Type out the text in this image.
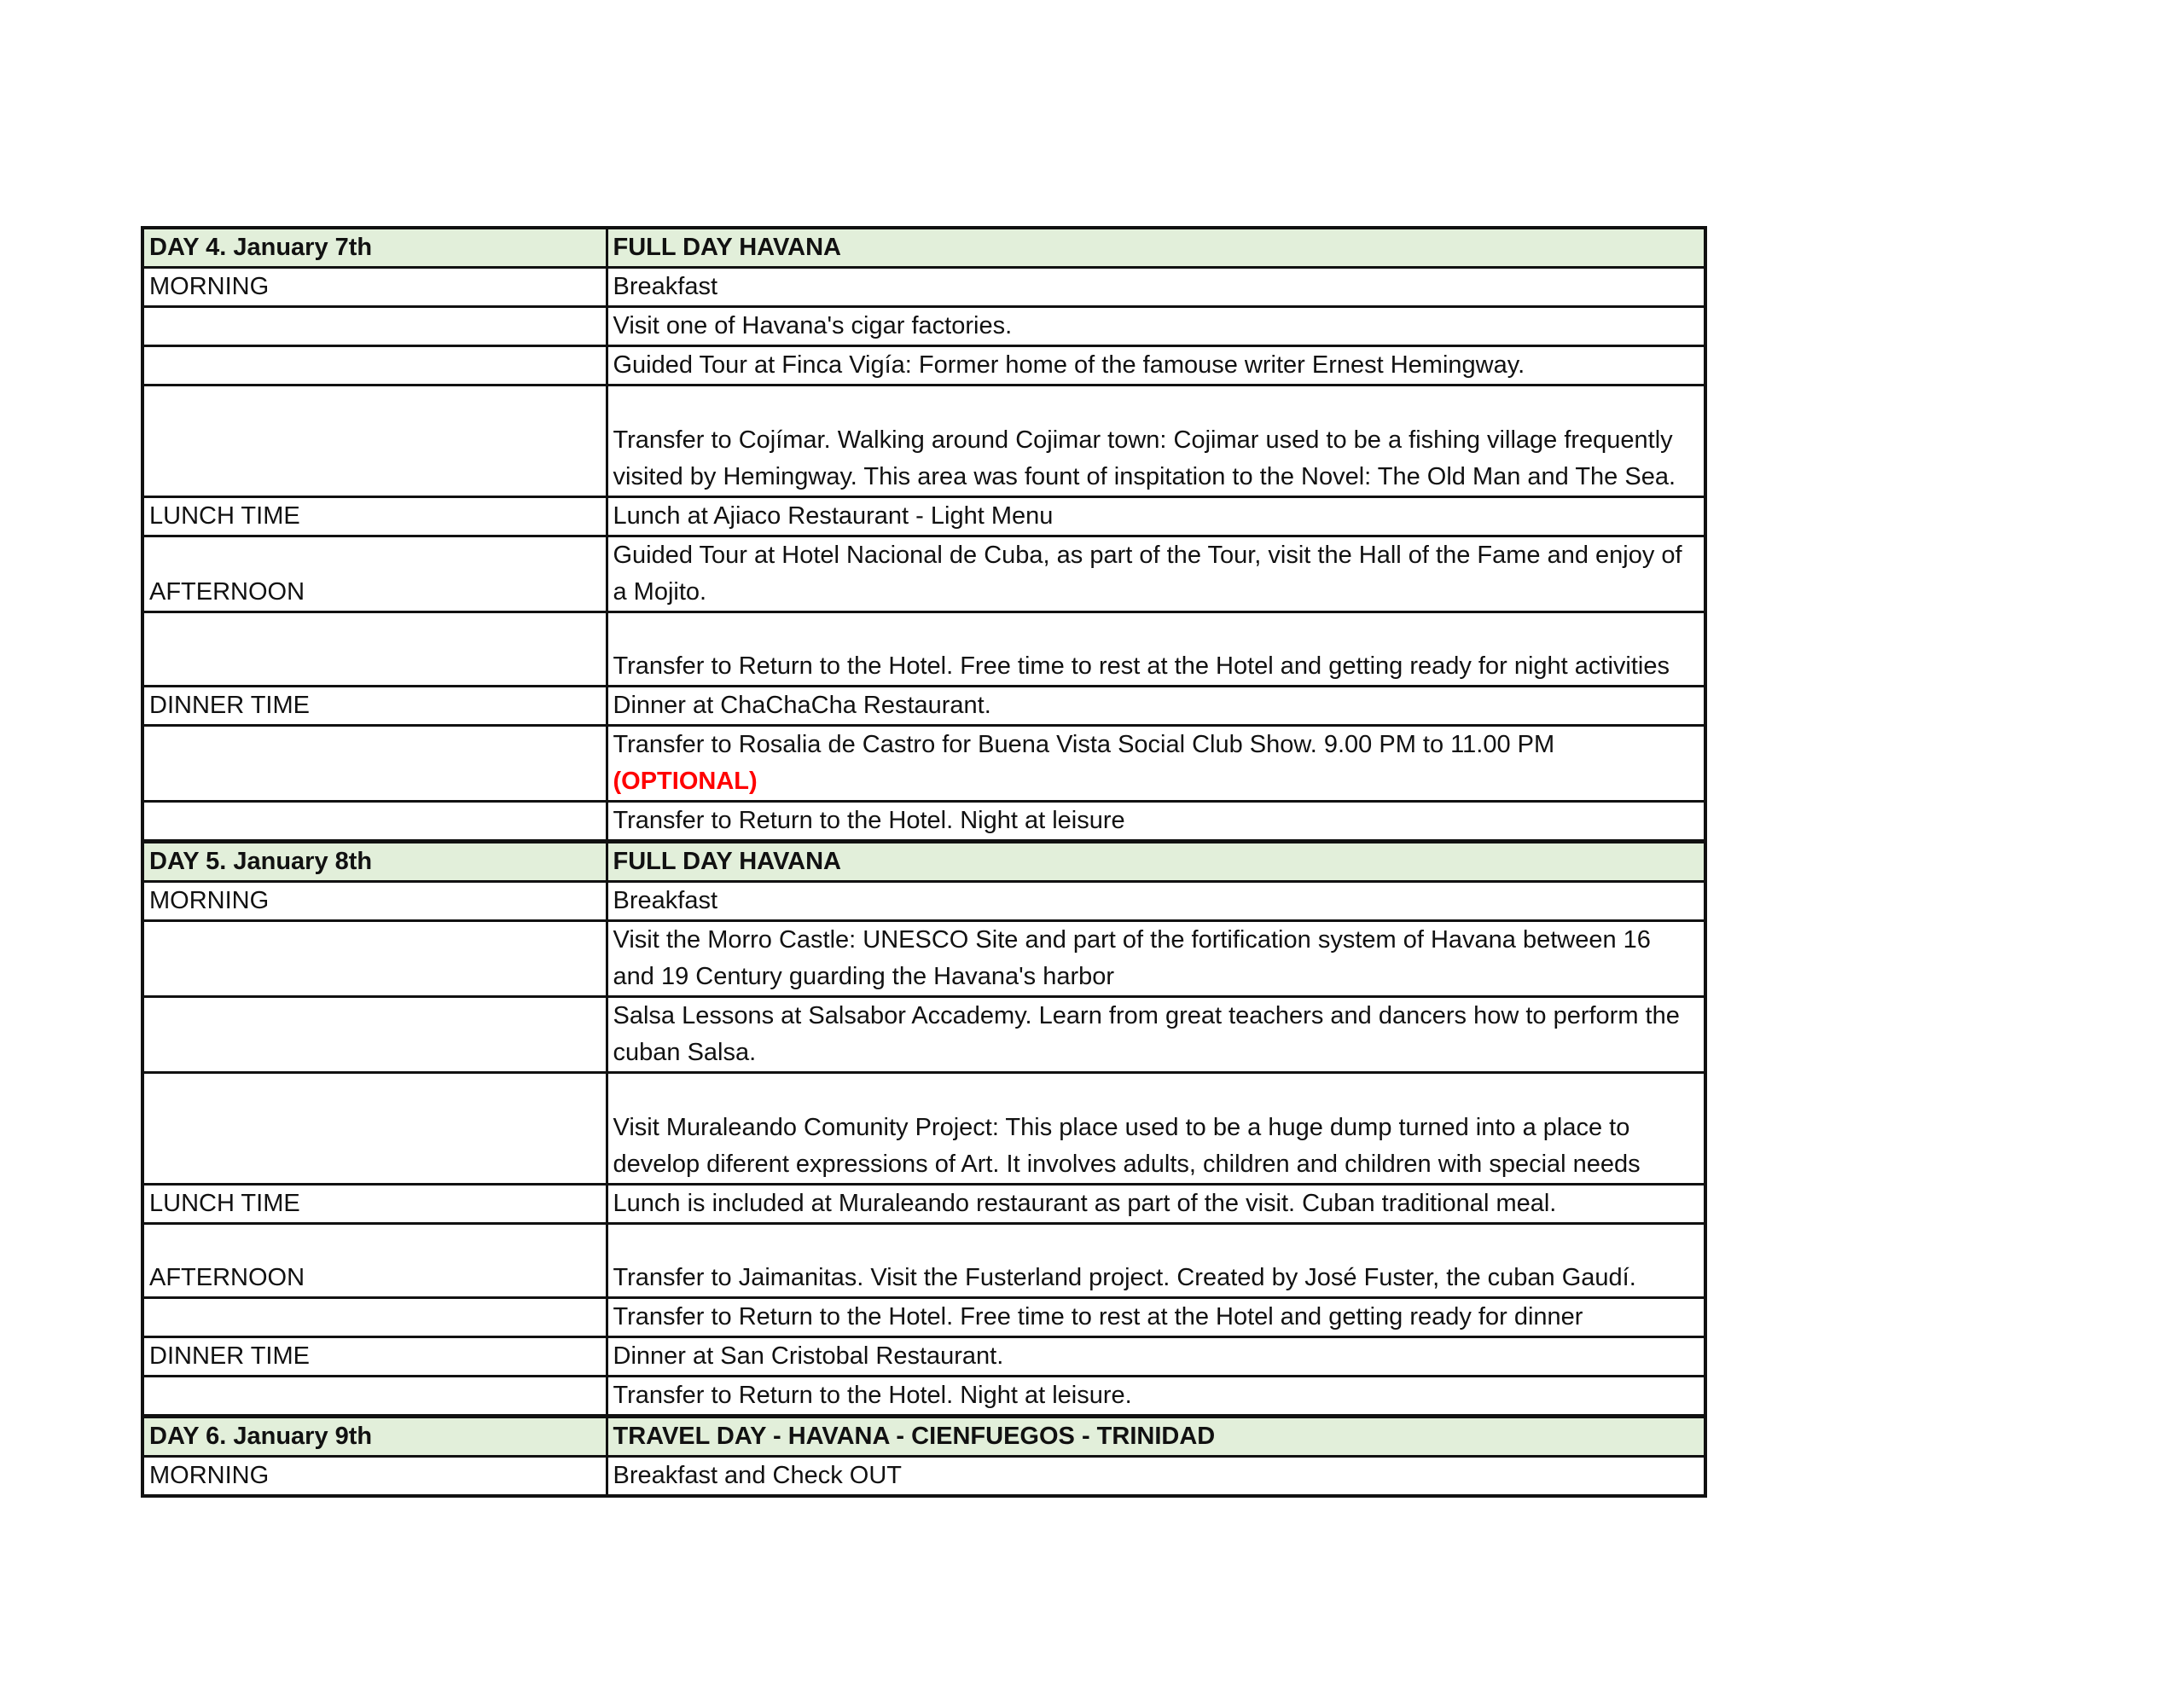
DAY 4. January 7th	FULL DAY HAVANA
MORNING	Breakfast
	Visit one of Havana's cigar factories.
	Guided Tour at Finca Vigía: Former home of the famouse writer Ernest Hemingway.
	Transfer to Cojímar. Walking around Cojimar town: Cojimar used to be a fishing village frequently visited by Hemingway. This area was fount of inspitation to the Novel: The Old Man and The Sea.
LUNCH TIME	Lunch at Ajiaco Restaurant - Light Menu
AFTERNOON	Guided Tour at Hotel Nacional de Cuba, as part of the Tour, visit the Hall of the Fame and enjoy of a Mojito.
	Transfer to Return to the Hotel. Free time to rest at the Hotel and getting ready for night activities
DINNER TIME	Dinner at ChaChaCha Restaurant.
	Transfer to Rosalia de Castro for Buena Vista Social Club Show. 9.00 PM to 11.00 PM
(OPTIONAL)
	Transfer to Return to the Hotel. Night at leisure
DAY 5. January 8th	FULL DAY HAVANA
MORNING	Breakfast
	Visit the Morro Castle: UNESCO Site and part of the fortification system of Havana between 16 and 19 Century guarding the Havana's harbor
	Salsa Lessons at Salsabor Accademy. Learn from great teachers and dancers how to perform the cuban Salsa.
	Visit Muraleando Comunity Project: This place used to be a huge dump turned into a place to develop diferent expressions of Art. It involves adults, children and children with special needs
LUNCH TIME	Lunch is included at Muraleando restaurant as part of the visit. Cuban traditional meal.
AFTERNOON	Transfer to Jaimanitas. Visit the Fusterland project. Created by José Fuster, the cuban Gaudí.
	Transfer to Return to the Hotel. Free time to rest at the Hotel and getting ready for dinner
DINNER TIME	Dinner at San Cristobal Restaurant.
	Transfer to Return to the Hotel. Night at leisure.
DAY 6. January 9th	TRAVEL DAY - HAVANA - CIENFUEGOS - TRINIDAD
MORNING	Breakfast and Check OUT
